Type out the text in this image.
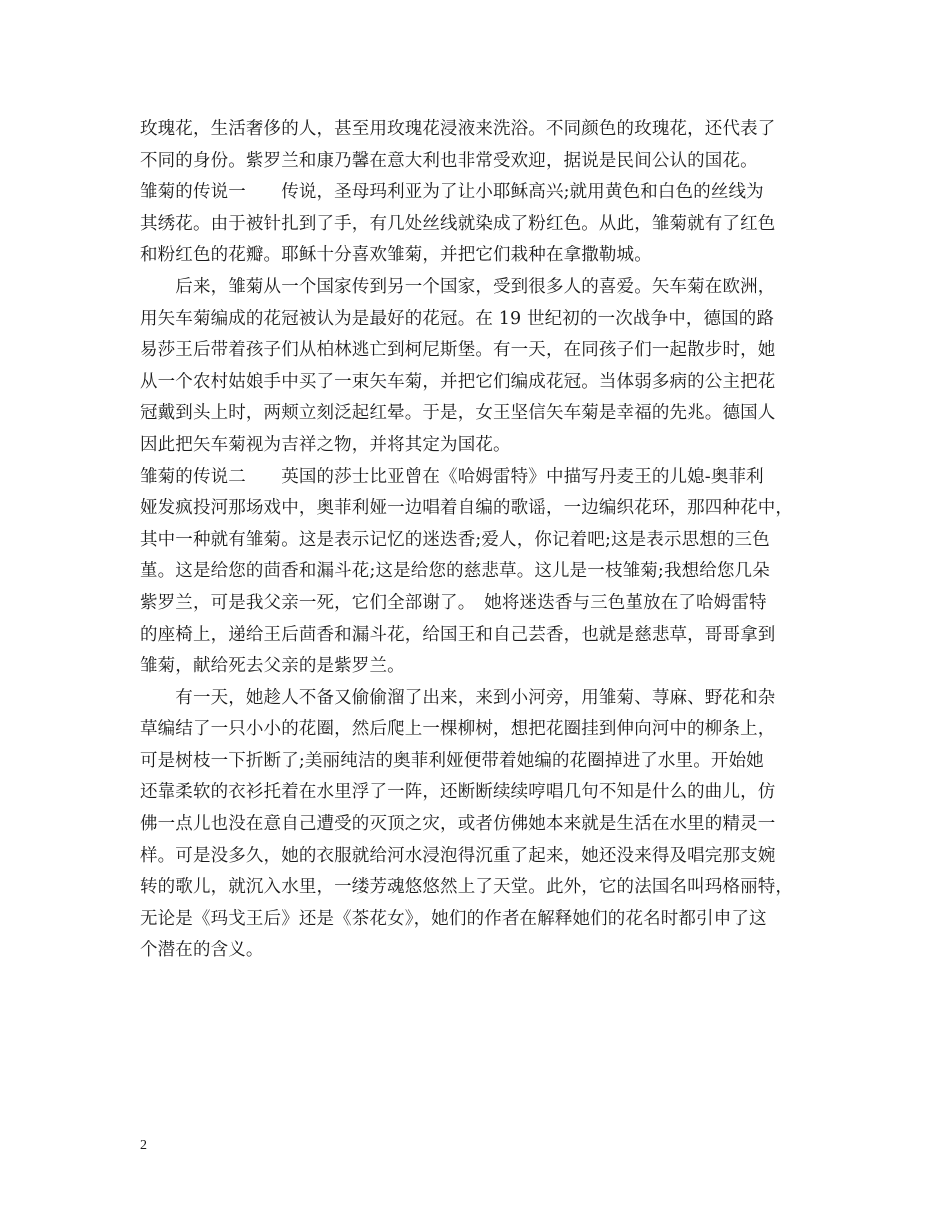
玫瑰花，生活奢侈的人，甚至用玫瑰花浸液来洗浴。不同颜色的玫瑰花，还代表了
不同的身份。紫罗兰和康乃馨在意大利也非常受欢迎，据说是民间公认的国花。
雏菊的传说一　　传说，圣母玛利亚为了让小耶稣高兴;就用黄色和白色的丝线为
其绣花。由于被针扎到了手，有几处丝线就染成了粉红色。从此，雏菊就有了红色
和粉红色的花瓣。耶稣十分喜欢雏菊，并把它们栽种在拿撒勒城。
　　后来，雏菊从一个国家传到另一个国家，受到很多人的喜爱。矢车菊在欧洲，
用矢车菊编成的花冠被认为是最好的花冠。在 19 世纪初的一次战争中，德国的路
易莎王后带着孩子们从柏林逃亡到柯尼斯堡。有一天，在同孩子们一起散步时，她
从一个农村姑娘手中买了一束矢车菊，并把它们编成花冠。当体弱多病的公主把花
冠戴到头上时，两颊立刻泛起红晕。于是，女王坚信矢车菊是幸福的先兆。德国人
因此把矢车菊视为吉祥之物，并将其定为国花。
雏菊的传说二　　英国的莎士比亚曾在《哈姆雷特》中描写丹麦王的儿媳-奥菲利
娅发疯投河那场戏中，奥菲利娅一边唱着自编的歌谣，一边编织花环，那四种花中，
其中一种就有雏菊。这是表示记忆的迷迭香;爱人，你记着吧;这是表示思想的三色
堇。这是给您的茴香和漏斗花;这是给您的慈悲草。这儿是一枝雏菊;我想给您几朵
紫罗兰，可是我父亲一死，它们全部谢了。　她将迷迭香与三色堇放在了哈姆雷特
的座椅上，递给王后茴香和漏斗花，给国王和自己芸香，也就是慈悲草，哥哥拿到
雏菊，献给死去父亲的是紫罗兰。
　　有一天，她趁人不备又偷偷溜了出来，来到小河旁，用雏菊、荨麻、野花和杂
草编结了一只小小的花圈，然后爬上一棵柳树，想把花圈挂到伸向河中的柳条上，
可是树枝一下折断了;美丽纯洁的奥菲利娅便带着她编的花圈掉进了水里。开始她
还靠柔软的衣衫托着在水里浮了一阵，还断断续续哼唱几句不知是什么的曲儿，仿
佛一点儿也没在意自己遭受的灭顶之灾，或者仿佛她本来就是生活在水里的精灵一
样。可是没多久，她的衣服就给河水浸泡得沉重了起来，她还没来得及唱完那支婉
转的歌儿，就沉入水里，一缕芳魂悠悠然上了天堂。此外，它的法国名叫玛格丽特，
无论是《玛戈王后》还是《茶花女》，她们的作者在解释她们的花名时都引申了这
个潜在的含义。
2
